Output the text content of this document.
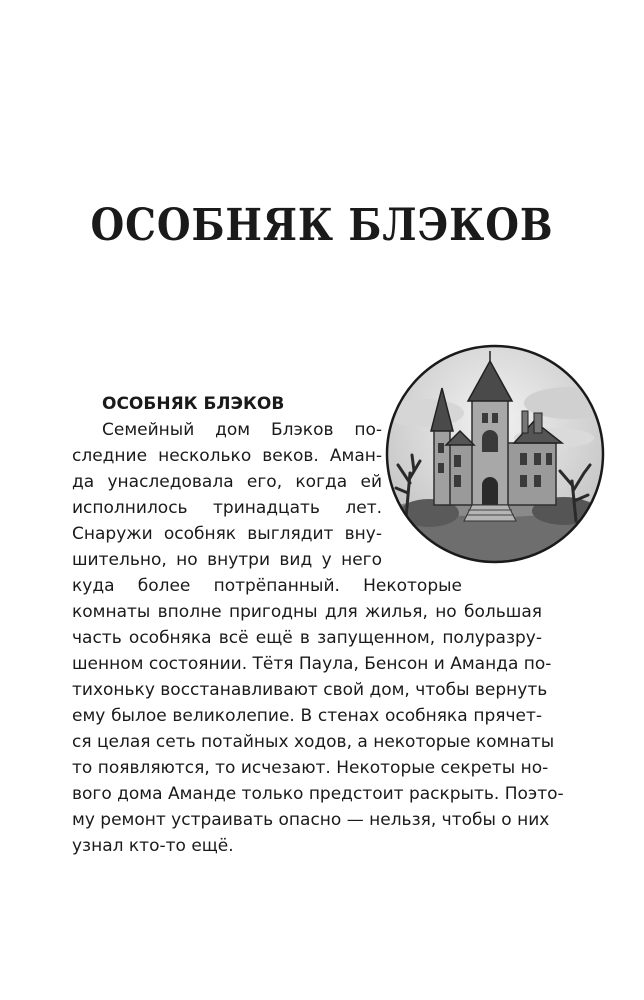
ОСОБНЯК БЛЭКОВ
ОСОБНЯК БЛЭКОВ
Семейный дом Блэков по-
следние несколько веков. Аман-
да унаследовала его, когда ей
исполнилось тринадцать лет.
Снаружи особняк выглядит вну-
шительно, но внутри вид у него
куда более потрёпанный. Некоторые
комнаты вполне пригодны для жилья, но большая
часть особняка всё ещё в запущенном, полуразру-
шенном состоянии. Тётя Паула, Бенсон и Аманда по-
тихоньку восстанавливают свой дом, чтобы вернуть
ему былое великолепие. В стенах особняка прячет-
ся целая сеть потайных ходов, а некоторые комнаты
то появляются, то исчезают. Некоторые секреты но-
вого дома Аманде только предстоит раскрыть. Поэто-
му ремонт устраивать опасно — нельзя, чтобы о них
узнал кто-то ещё.
